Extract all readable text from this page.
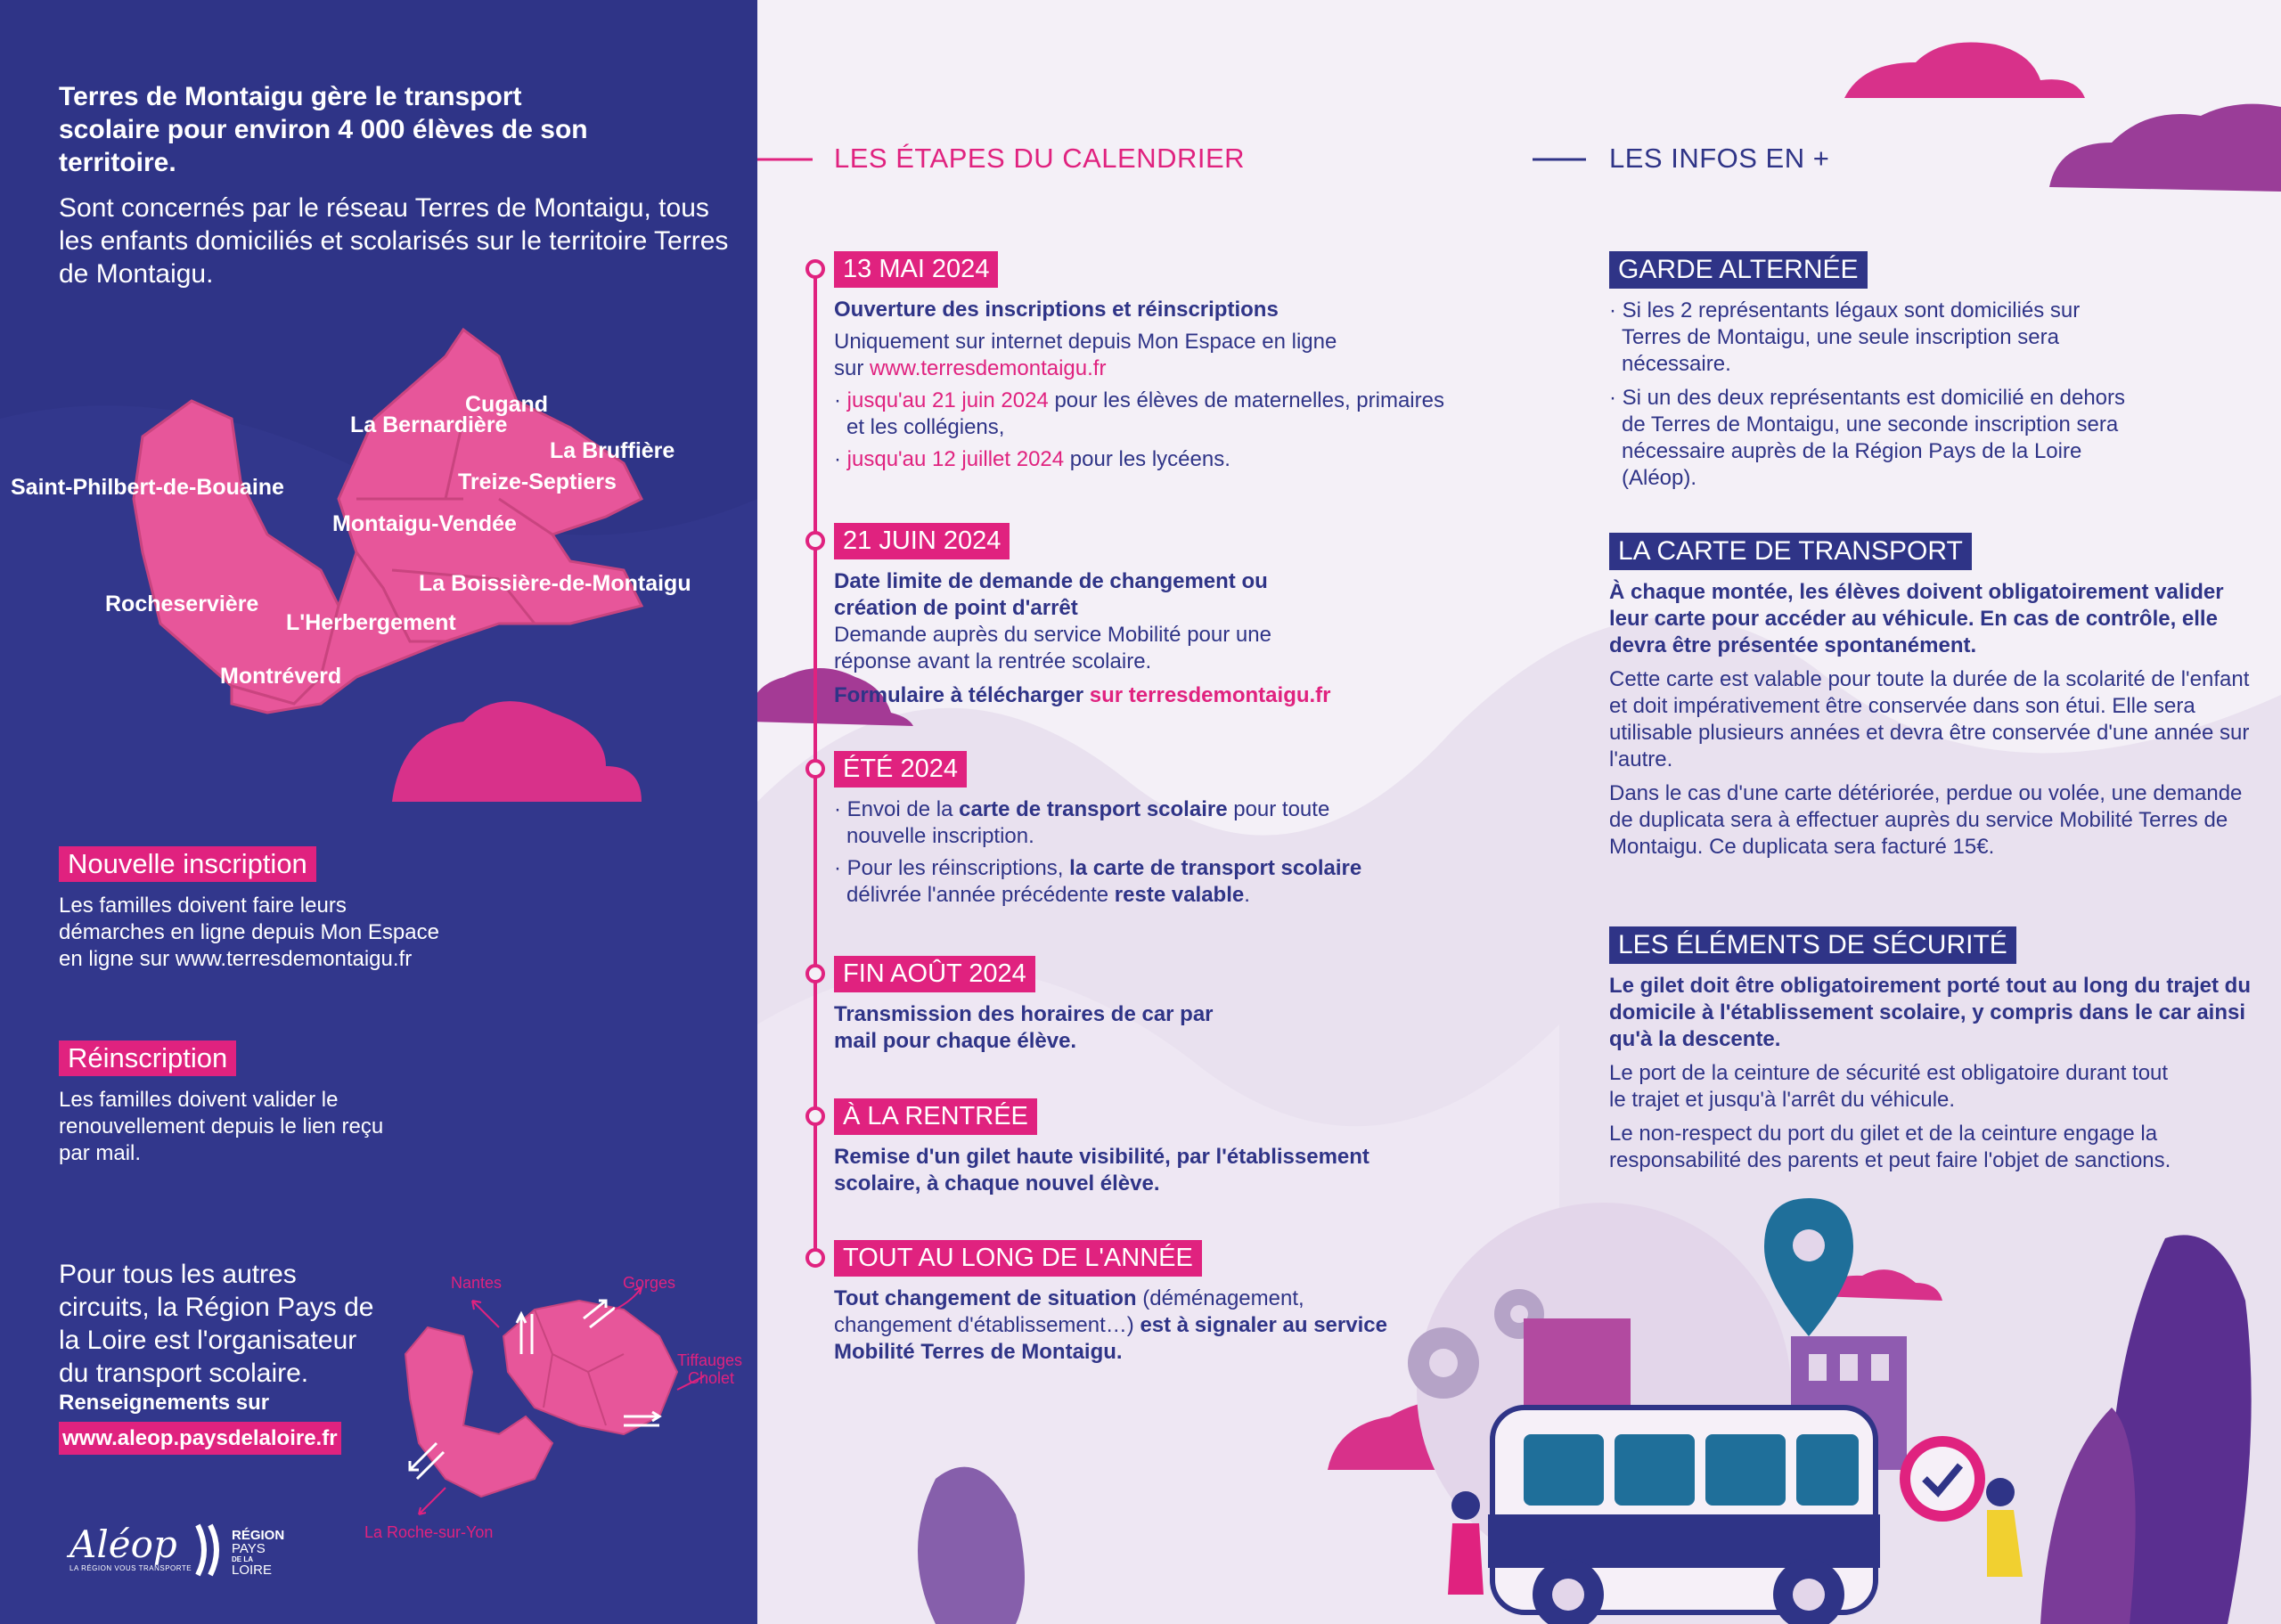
Terres de Montaigu gère le transport scolaire pour environ 4 000 élèves de son territoire.
Sont concernés par le réseau Terres de Montaigu, tous les enfants domiciliés et scolarisés sur le territoire Terres de Montaigu.
Cugand
La Bernardière
La Bruffière
Saint-Philbert-de-Bouaine	Treize-Septiers
Montaigu-Vendée
La Boissière-de-Montaigu
Rocheservière
L'Herbergement
Montréverd
Nouvelle inscription
Les familles doivent faire leurs démarches en ligne depuis Mon Espace en ligne sur www.terresdemontaigu.fr
Réinscription
Les familles doivent valider le renouvellement depuis le lien reçu par mail.
Pour tous les autres circuits, la Région Pays de la Loire est l'organisateur du transport scolaire.
Renseignements sur
www.aleop.paysdelaloire.fr
Nantes	Gorges
Tiffauges
Cholet
La Roche-sur-Yon
Aléop
LA RÉGION VOUS TRANSPORTE
RÉGION
PAYS
DE LA
LOIRE
LES ÉTAPES DU CALENDRIER	LES INFOS EN +
13 MAI 2024
Ouverture des inscriptions et réinscriptions
Uniquement sur internet depuis Mon Espace en ligne
sur www.terresdemontaigu.fr
· jusqu'au 21 juin 2024 pour les élèves de maternelles, primaires et les collégiens,
· jusqu'au 12 juillet 2024 pour les lycéens.
21 JUIN 2024
Date limite de demande de changement ou création de point d'arrêt
Demande auprès du service Mobilité pour une réponse avant la rentrée scolaire.
Formulaire à télécharger sur terresdemontaigu.fr
ÉTÉ 2024
· Envoi de la carte de transport scolaire pour toute nouvelle inscription.
· Pour les réinscriptions, la carte de transport scolaire délivrée l'année précédente reste valable.
FIN AOÛT 2024
Transmission des horaires de car par mail pour chaque élève.
À LA RENTRÉE
Remise d'un gilet haute visibilité, par l'établissement scolaire, à chaque nouvel élève.
TOUT AU LONG DE L'ANNÉE
Tout changement de situation (déménagement, changement d'établissement…) est à signaler au service Mobilité Terres de Montaigu.
GARDE ALTERNÉE

· Si les 2 représentants légaux sont domiciliés sur Terres de Montaigu, une seule inscription sera nécessaire.

· Si un des deux représentants est domicilié en dehors de Terres de Montaigu, une seconde inscription sera nécessaire auprès de la Région Pays de la Loire (Aléop).

LA CARTE DE TRANSPORT

À chaque montée, les élèves doivent obligatoirement valider leur carte pour accéder au véhicule. En cas de contrôle, elle devra être présentée spontanément.

Cette carte est valable pour toute la durée de la scolarité de l'enfant et doit impérativement être conservée dans son étui. Elle sera utilisable plusieurs années et devra être conservée d'une année sur l'autre.

Dans le cas d'une carte détériorée, perdue ou volée, une demande de duplicata sera à effectuer auprès du service Mobilité Terres de Montaigu. Ce duplicata sera facturé 15€.

LES ÉLÉMENTS DE SÉCURITÉ

Le gilet doit être obligatoirement porté tout au long du trajet du domicile à l'établissement scolaire, y compris dans le car ainsi qu'à la descente.

Le port de la ceinture de sécurité est obligatoire durant tout le trajet et jusqu'à l'arrêt du véhicule.

Le non-respect du port du gilet et de la ceinture engage la responsabilité des parents et peut faire l'objet de sanctions.
